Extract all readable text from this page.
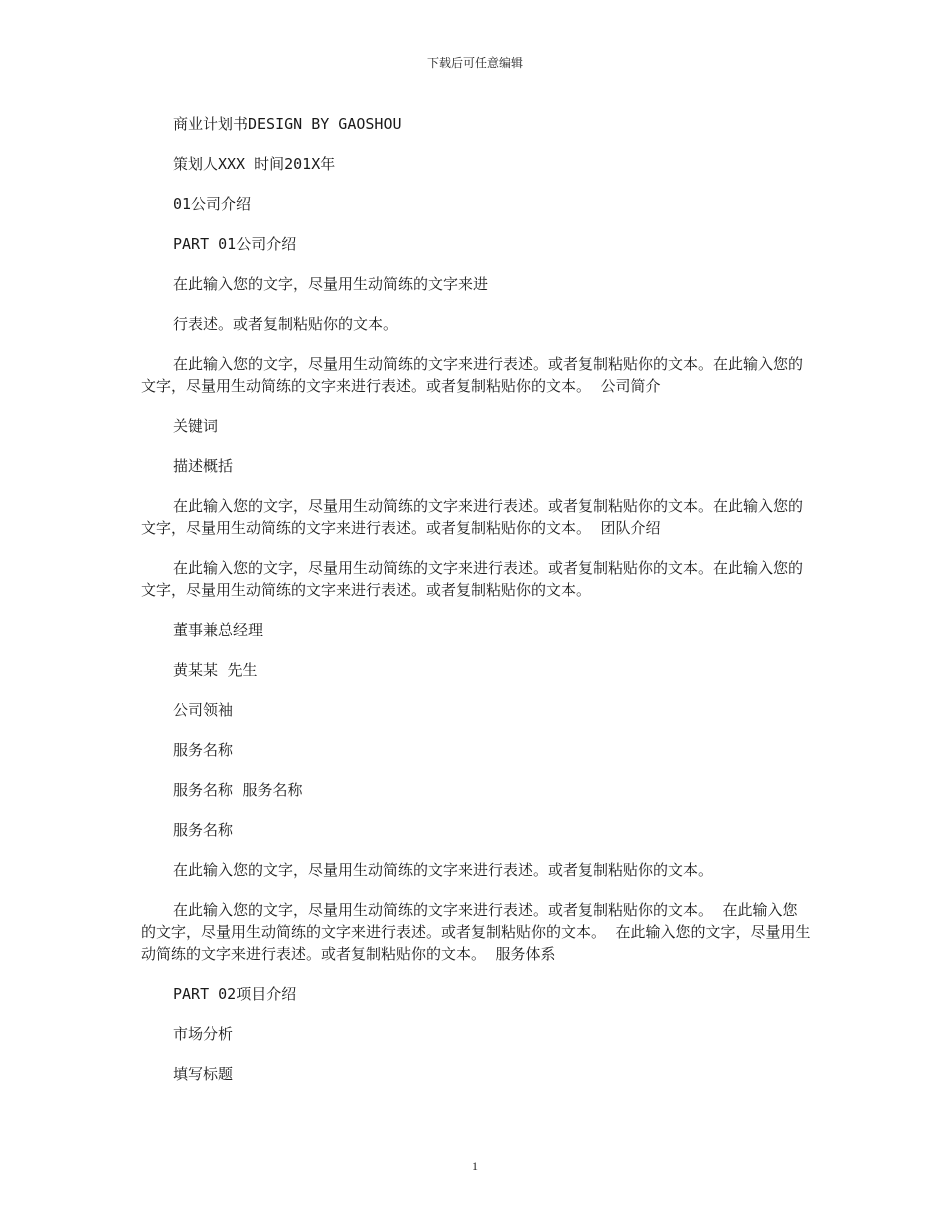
下载后可任意编辑

商业计划书DESIGN BY GAOSHOU

策划人XXX 时间201X年

01公司介绍

PART 01公司介绍

在此输入您的文字，尽量用生动简练的文字来进

行表述。或者复制粘贴你的文本。

在此输入您的文字，尽量用生动简练的文字来进行表述。或者复制粘贴你的文本。在此输入您的文字，尽量用生动简练的文字来进行表述。或者复制粘贴你的文本。  公司简介

关键词

描述概括

在此输入您的文字，尽量用生动简练的文字来进行表述。或者复制粘贴你的文本。在此输入您的文字，尽量用生动简练的文字来进行表述。或者复制粘贴你的文本。  团队介绍

在此输入您的文字，尽量用生动简练的文字来进行表述。或者复制粘贴你的文本。在此输入您的文字，尽量用生动简练的文字来进行表述。或者复制粘贴你的文本。

董事兼总经理

黄某某  先生

公司领袖

服务名称

服务名称  服务名称

服务名称

在此输入您的文字，尽量用生动简练的文字来进行表述。或者复制粘贴你的文本。

在此输入您的文字，尽量用生动简练的文字来进行表述。或者复制粘贴你的文本。  在此输入您的文字，尽量用生动简练的文字来进行表述。或者复制粘贴你的文本。  在此输入您的文字，尽量用生动简练的文字来进行表述。或者复制粘贴你的文本。  服务体系

PART 02项目介绍

市场分析

填写标题

1
